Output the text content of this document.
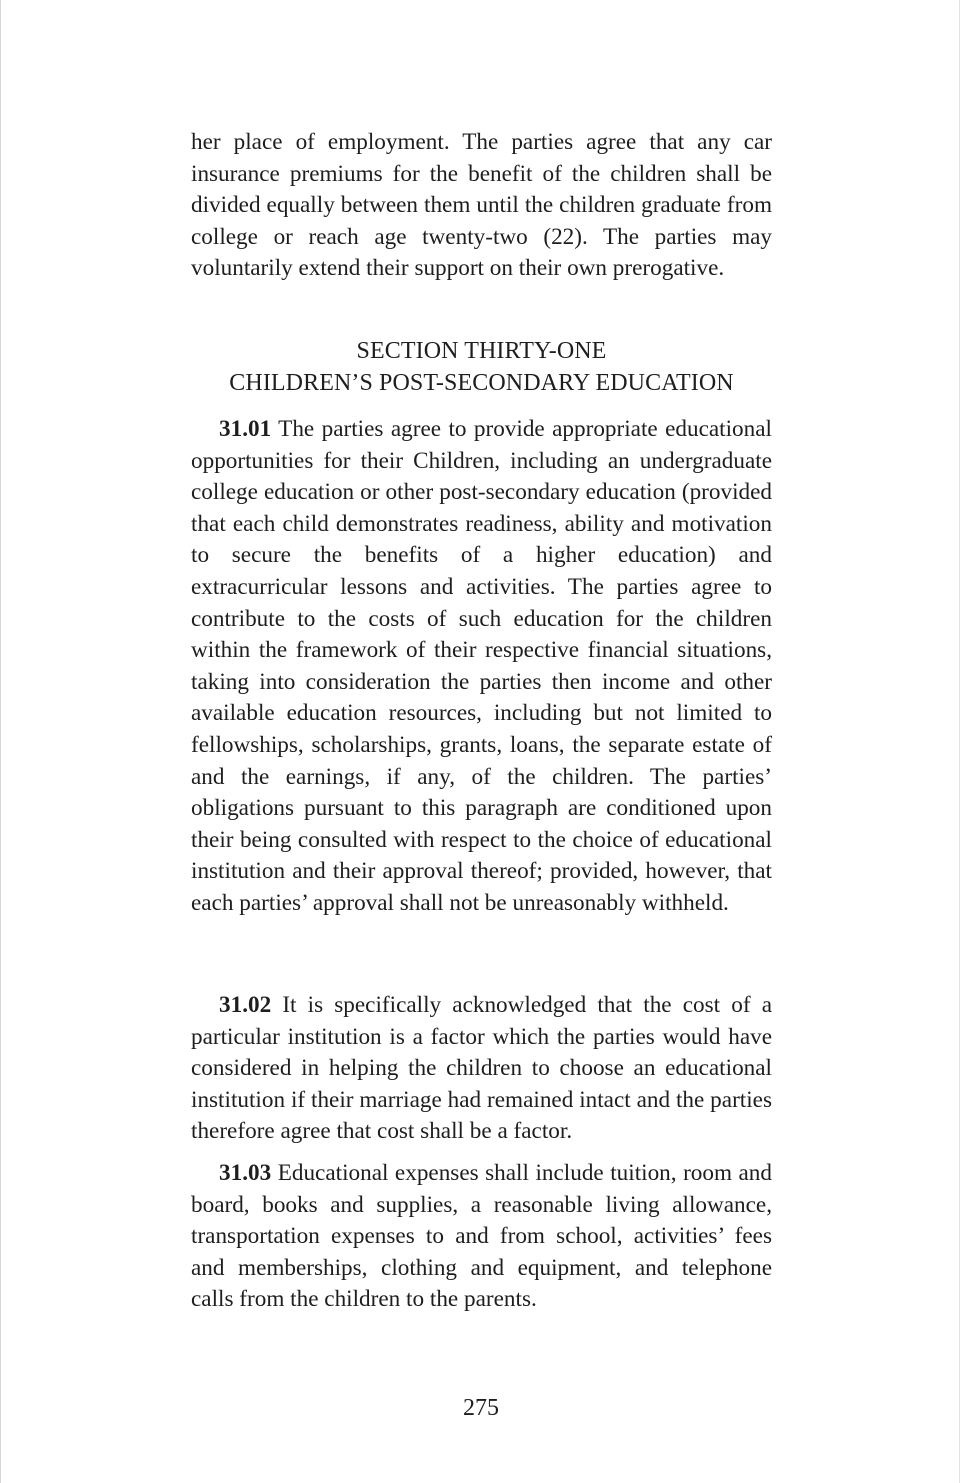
her place of employment. The parties agree that any car insurance premiums for the benefit of the children shall be divided equally between them until the children graduate from college or reach age twenty-two (22). The parties may voluntarily extend their support on their own prerogative.

SECTION THIRTY-ONE
CHILDREN’S POST-SECONDARY EDUCATION

31.01 The parties agree to provide appropriate educational opportunities for their Children, including an undergraduate college education or other post-secondary education (provided that each child demonstrates readiness, ability and motivation to secure the benefits of a higher education) and extracurricular lessons and activities. The parties agree to contribute to the costs of such education for the children within the framework of their respective financial situations, taking into consideration the parties then income and other available education resources, including but not limited to fellowships, scholarships, grants, loans, the separate estate of and the earnings, if any, of the children. The parties’ obligations pursuant to this paragraph are conditioned upon their being consulted with respect to the choice of educational institution and their approval thereof; provided, however, that each parties’ approval shall not be unreasonably withheld.

31.02 It is specifically acknowledged that the cost of a particular institution is a factor which the parties would have considered in helping the children to choose an educational institution if their marriage had remained intact and the parties therefore agree that cost shall be a factor.

31.03 Educational expenses shall include tuition, room and board, books and supplies, a reasonable living allowance, transportation expenses to and from school, activities’ fees and memberships, clothing and equipment, and telephone calls from the children to the parents.

275
